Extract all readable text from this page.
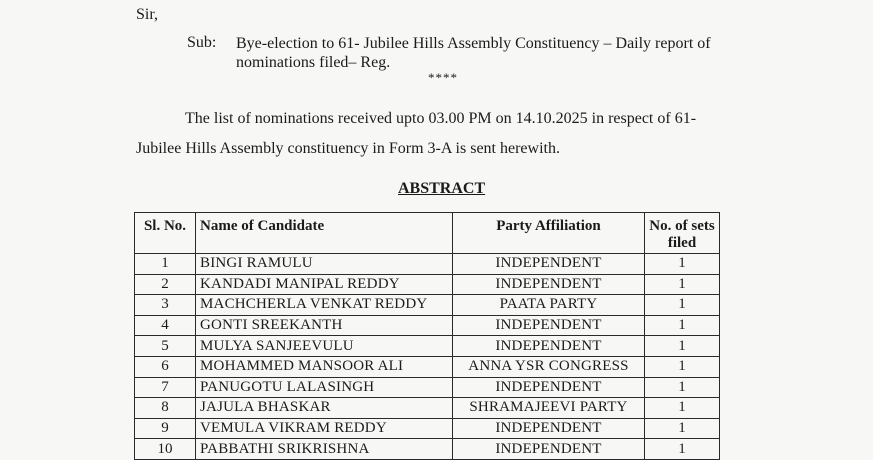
Sir,
Sub: Bye-election to 61- Jubilee Hills Assembly Constituency – Daily report of nominations filed– Reg.
****
The list of nominations received upto 03.00 PM on 14.10.2025 in respect of 61-
Jubilee Hills Assembly constituency in Form 3-A is sent herewith.
ABSTRACT
Sl. No.	Name of Candidate	Party Affiliation	No. of sets filed
1	BINGI RAMULU	INDEPENDENT	1
2	KANDADI MANIPAL REDDY	INDEPENDENT	1
3	MACHCHERLA VENKAT REDDY	PAATA PARTY	1
4	GONTI SREEKANTH	INDEPENDENT	1
5	MULYA SANJEEVULU	INDEPENDENT	1
6	MOHAMMED MANSOOR ALI	ANNA YSR CONGRESS	1
7	PANUGOTU LALASINGH	INDEPENDENT	1
8	JAJULA BHASKAR	SHRAMAJEEVI PARTY	1
9	VEMULA VIKRAM REDDY	INDEPENDENT	1
10	PABBATHI SRIKRISHNA	INDEPENDENT	1
